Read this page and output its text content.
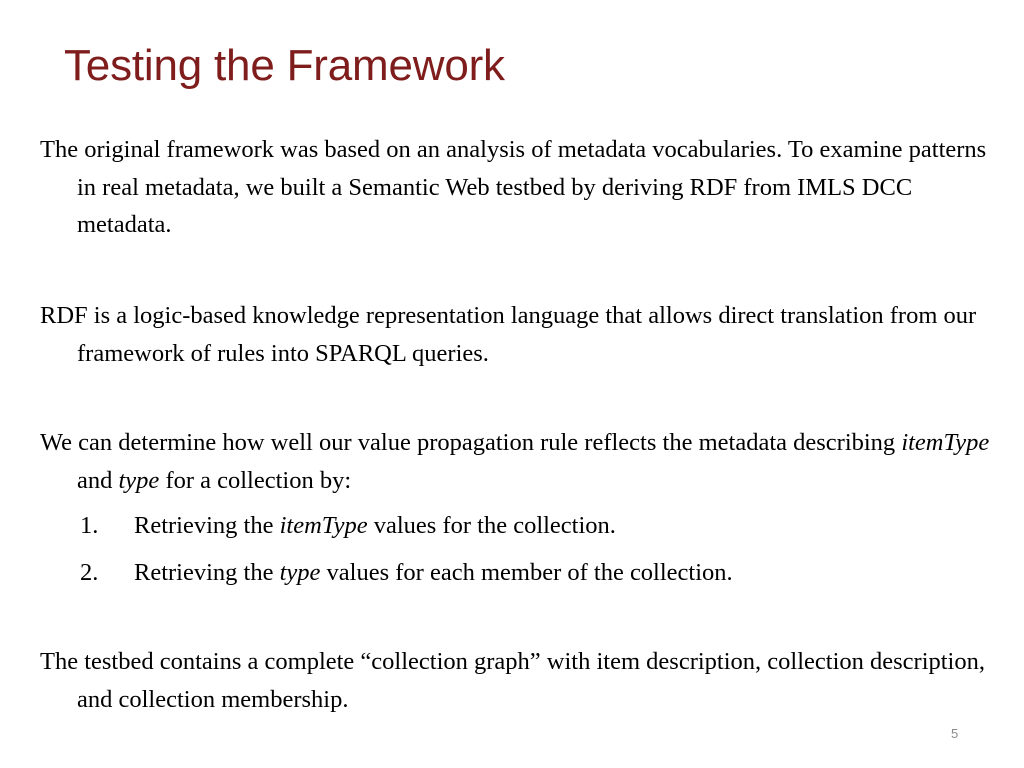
Testing the Framework

The original framework was based on an analysis of metadata vocabularies. To examine patterns in real metadata, we built a Semantic Web testbed by deriving RDF from IMLS DCC metadata.

RDF is a logic-based knowledge representation language that allows direct translation from our framework of rules into SPARQL queries.

We can determine how well our value propagation rule reflects the metadata describing itemType and type for a collection by:

1.	Retrieving the itemType values for the collection.
2.	Retrieving the type values for each member of the collection.

The testbed contains a complete “collection graph” with item description, collection description, and collection membership.

5
